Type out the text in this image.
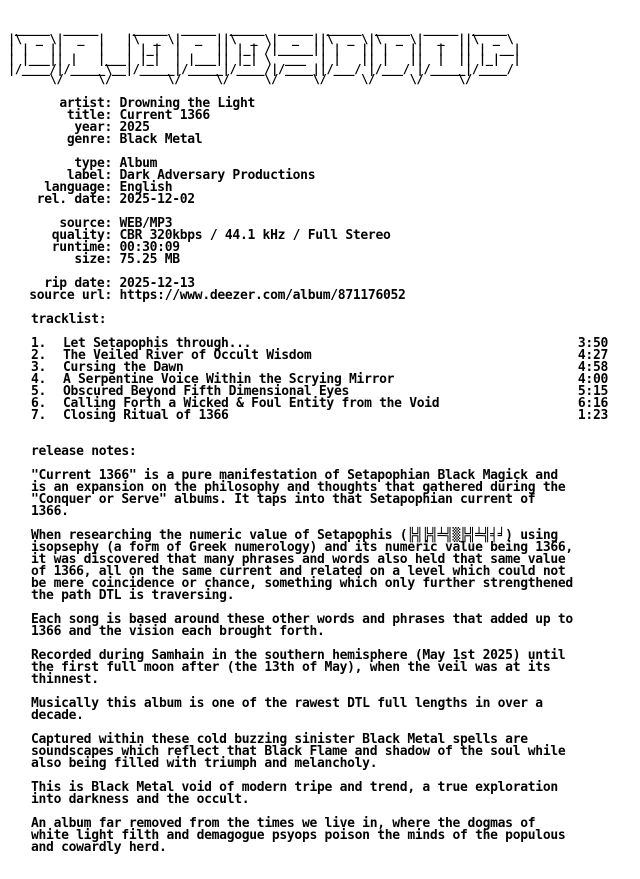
_____  _____     _____  _____  _____  _____  _____  _____  _____  _____
|\  _ \|  _  |   |\  _ \|  _  ||\  _ \|  _  ||\  _ \|\  _ \|  _  ||\  _ \
| |   ||     |   | |_|  |     || |_| /|_____|| |   || |   ||  |  || |  __|
| |___|| |   |___| |_|  | |___|| |_| \  ___  | |   || |   ||  |  || |_|  |
|/____/|/_____\__|/_____|/_____|/____/|/____||/___/ |/___/ |/_____|/____/
\/     \/        \/     \/     \/     \/     \/     \/     \/

artist: Drowning the Light
title: Current 1366
year: 2025
genre: Black Metal
type: Album
label: Dark Adversary Productions
language: English
rel. date: 2025-12-02
source: WEB/MP3
quality: CBR 320kbps / 44.1 kHz / Full Stereo
runtime: 00:30:09
size: 75.25 MB
rip date: 2025-12-13
source url: https://www.deezer.com/album/871176052
tracklist:
1. Let Setapophis through...	3:50
2. The Veiled River of Occult Wisdom	4:27
3. Cursing the Dawn	4:58
4. A Serpentine Voice Within the Scrying Mirror	4:00
5. Obscured Beyond Fifth Dimensional Eyes	5:15
6. Calling Forth a Wicked & Foul Entity from the Void	6:16
7. Closing Ritual of 1366	1:23
release notes:
"Current 1366" is a pure manifestation of Setapophian Black Magick and
is an expansion on the philosophy and thoughts that gathered during the
"Conquer or Serve" albums. It taps into that Setapophian current of
1366.
When researching the numeric value of Setapophis (╠╣╠╣╧╣▒╠╣╧╣╡╛) using
isopsephy (a form of Greek numerology) and its numeric value being 1366,
it was discovered that many phrases and words also held that same value
of 1366, all on the same current and related on a level which could not
be mere coincidence or chance, something which only further strengthened
the path DTL is traversing.
Each song is based around these other words and phrases that added up to
1366 and the vision each brought forth.
Recorded during Samhain in the southern hemisphere (May 1st 2025) until
the first full moon after (the 13th of May), when the veil was at its
thinnest.
Musically this album is one of the rawest DTL full lengths in over a
decade.
Captured within these cold buzzing sinister Black Metal spells are
soundscapes which reflect that Black Flame and shadow of the soul while
also being filled with triumph and melancholy.
This is Black Metal void of modern tripe and trend, a true exploration
into darkness and the occult.
An album far removed from the times we live in, where the dogmas of
white light filth and demagogue psyops poison the minds of the populous
and cowardly herd.
